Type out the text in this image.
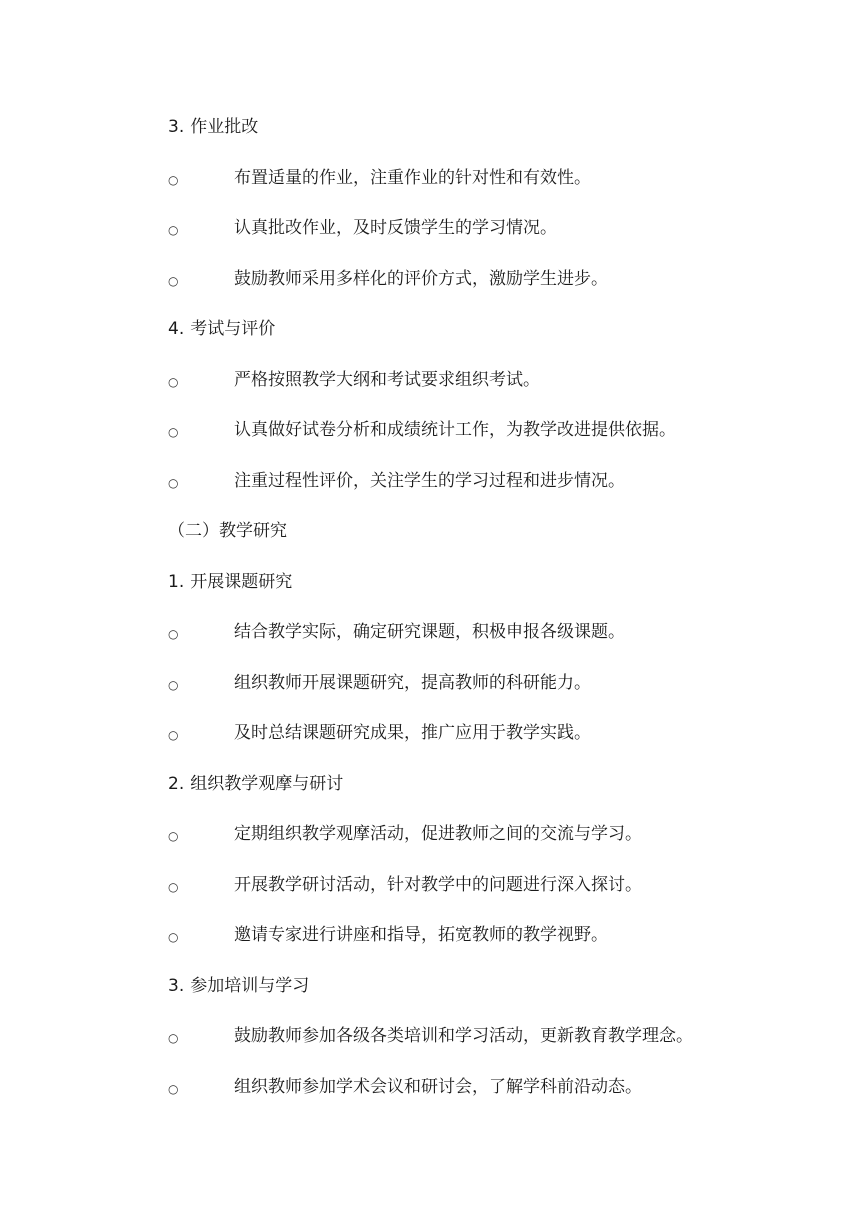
3. 作业批改
○	布置适量的作业，注重作业的针对性和有效性。
○	认真批改作业，及时反馈学生的学习情况。
○	鼓励教师采用多样化的评价方式，激励学生进步。
4. 考试与评价
○	严格按照教学大纲和考试要求组织考试。
○	认真做好试卷分析和成绩统计工作，为教学改进提供依据。
○	注重过程性评价，关注学生的学习过程和进步情况。
（二）教学研究
1. 开展课题研究
○	结合教学实际，确定研究课题，积极申报各级课题。
○	组织教师开展课题研究，提高教师的科研能力。
○	及时总结课题研究成果，推广应用于教学实践。
2. 组织教学观摩与研讨
○	定期组织教学观摩活动，促进教师之间的交流与学习。
○	开展教学研讨活动，针对教学中的问题进行深入探讨。
○	邀请专家进行讲座和指导，拓宽教师的教学视野。
3. 参加培训与学习
○	鼓励教师参加各级各类培训和学习活动，更新教育教学理念。
○	组织教师参加学术会议和研讨会，了解学科前沿动态。
